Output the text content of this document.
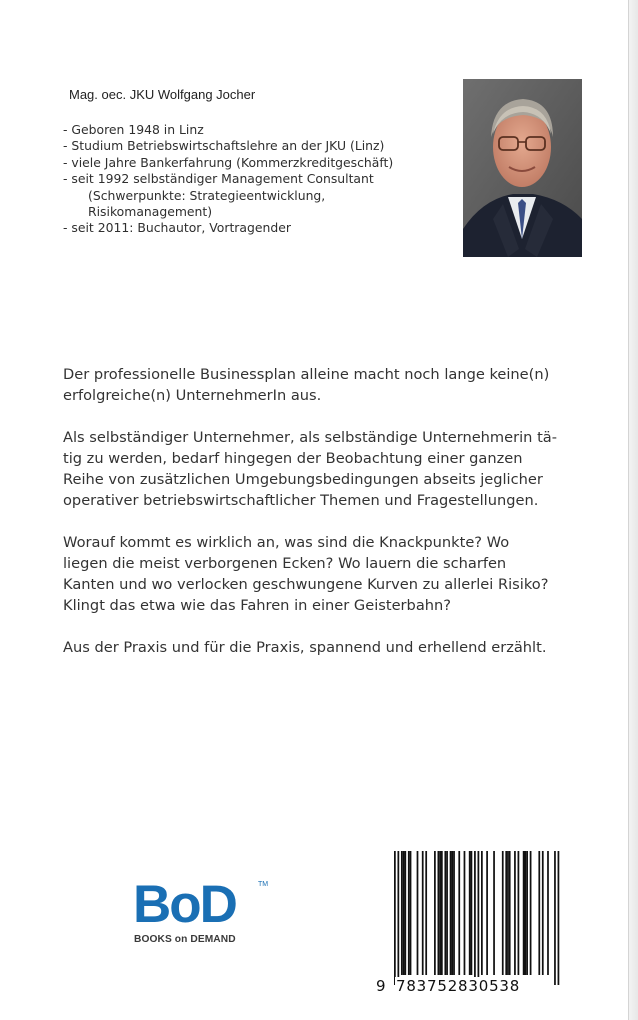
Mag. oec. JKU Wolfgang Jocher
- Geboren 1948 in Linz
- Studium Betriebswirtschaftslehre an der JKU (Linz)
- viele Jahre Bankerfahrung (Kommerzkreditgeschäft)
- seit 1992 selbständiger Management Consultant
(Schwerpunkte: Strategieentwicklung,
Risikomanagement)
- seit 2011: Buchautor, Vortragender

Der professionelle Businessplan alleine macht noch lange keine(n)
erfolgreiche(n) UnternehmerIn aus.

Als selbständiger Unternehmer, als selbständige Unternehmerin tä-
tig zu werden, bedarf hingegen der Beobachtung einer ganzen
Reihe von zusätzlichen Umgebungsbedingungen abseits jeglicher
operativer betriebswirtschaftlicher Themen und Fragestellungen.

Worauf kommt es wirklich an, was sind die Knackpunkte? Wo
liegen die meist verborgenen Ecken? Wo lauern die scharfen
Kanten und wo verlocken geschwungene Kurven zu allerlei Risiko?
Klingt das etwa wie das Fahren in einer Geisterbahn?

Aus der Praxis und für die Praxis, spannend und erhellend erzählt.

BoD	TM
BOOKS on DEMAND
9 783752830538
